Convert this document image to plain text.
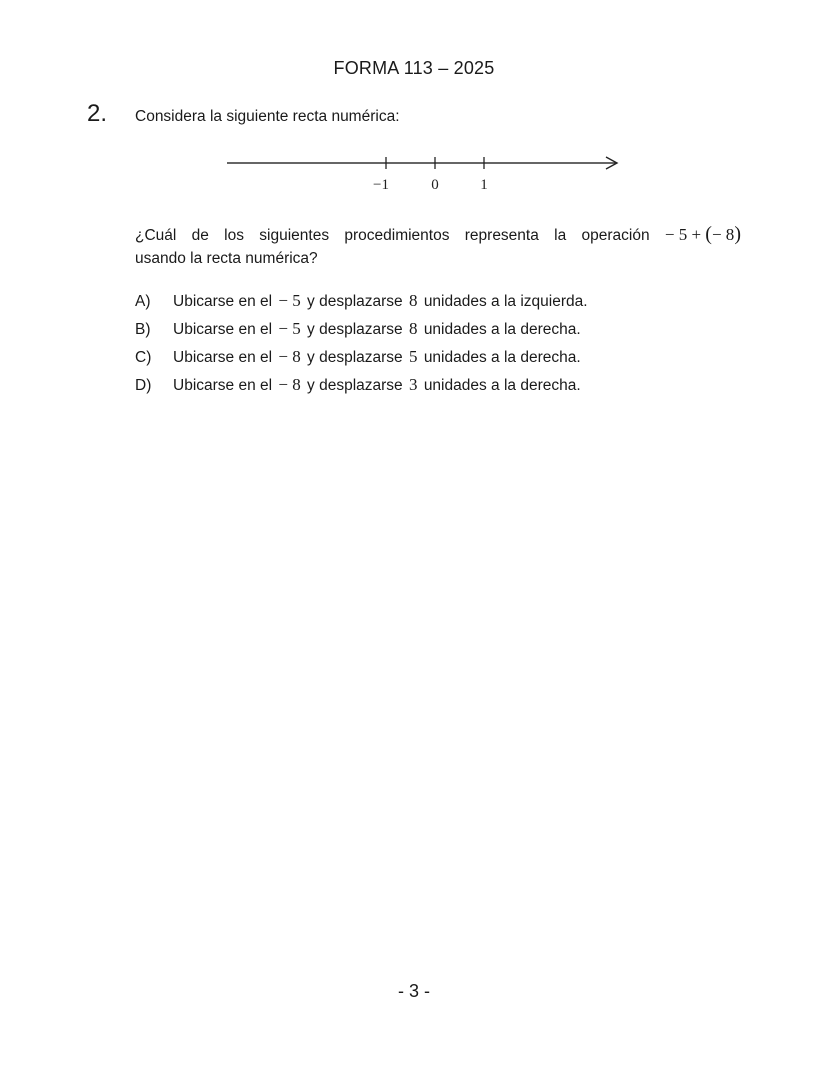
FORMA 113 – 2025
2. Considera la siguiente recta numérica:
−1	0	1
¿Cuál de los siguientes procedimientos representa la operación − 5 + (− 8)
usando la recta numérica?
A)	Ubicarse en el − 5 y desplazarse 8 unidades a la izquierda.
B)	Ubicarse en el − 5 y desplazarse 8 unidades a la derecha.
C)	Ubicarse en el − 8 y desplazarse 5 unidades a la derecha.
D)	Ubicarse en el − 8 y desplazarse 3 unidades a la derecha.
- 3 -
